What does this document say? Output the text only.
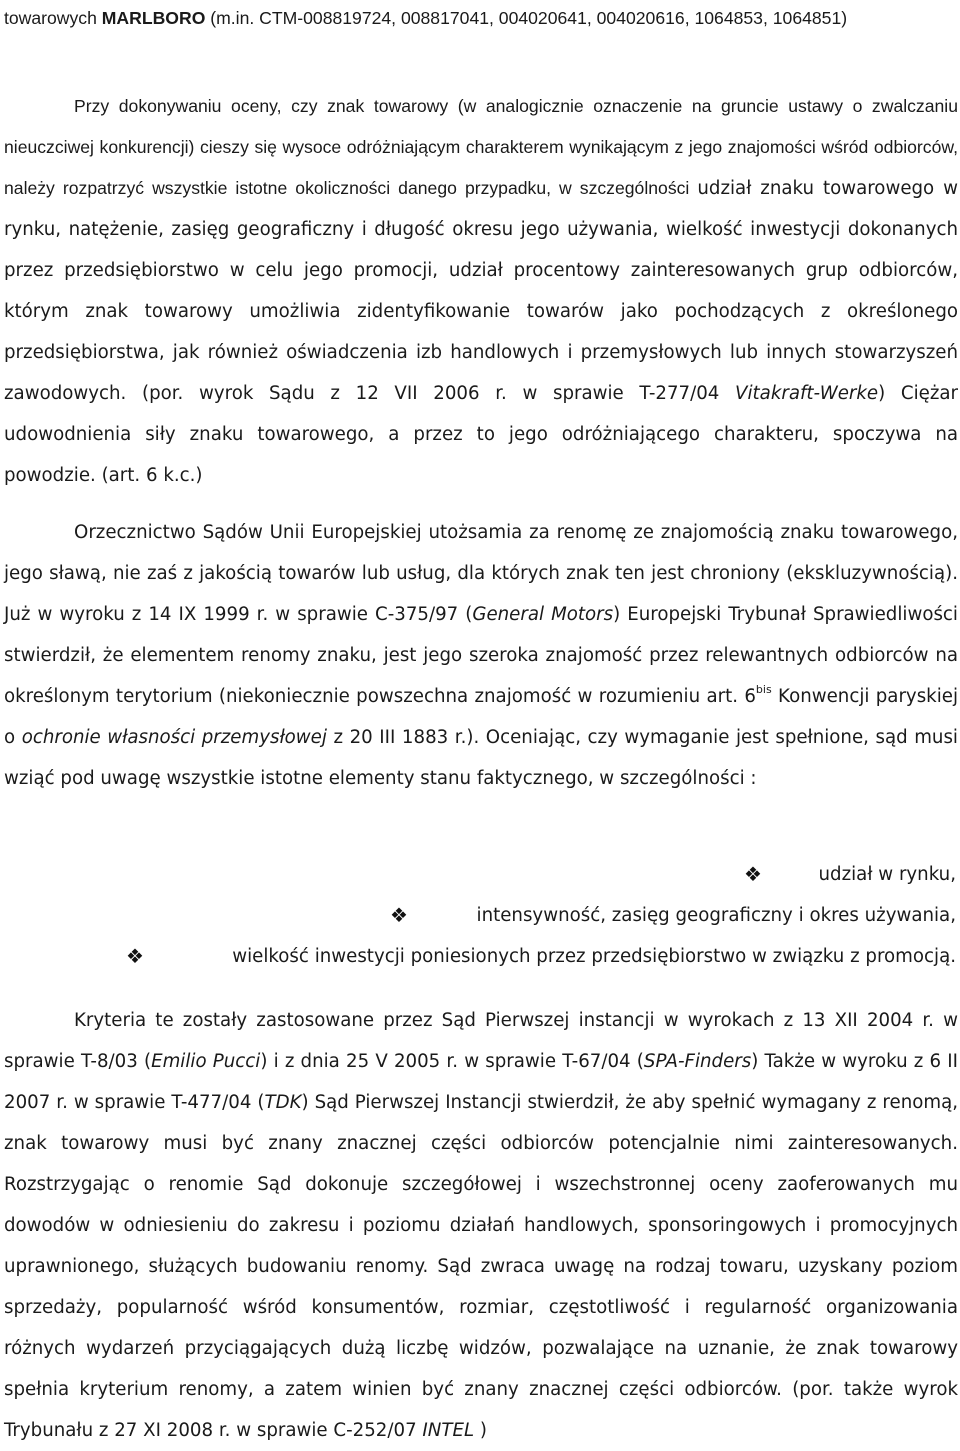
towarowych MARLBORO (m.in. CTM-008819724, 008817041, 004020641, 004020616, 1064853, 1064851)

Przy dokonywaniu oceny, czy znak towarowy (w analogicznie oznaczenie na gruncie ustawy o zwalczaniu nieuczciwej konkurencji) cieszy się wysoce odróżniającym charakterem wynikającym z jego znajomości wśród odbiorców, należy rozpatrzyć wszystkie istotne okoliczności danego przypadku, w szczególności udział znaku towarowego w rynku, natężenie, zasięg geograficzny i długość okresu jego używania, wielkość inwestycji dokonanych przez przedsiębiorstwo w celu jego promocji, udział procentowy zainteresowanych grup odbiorców, którym znak towarowy umożliwia zidentyfikowanie towarów jako pochodzących z określonego przedsiębiorstwa, jak również oświadczenia izb handlowych i przemysłowych lub innych stowarzyszeń zawodowych. (por. wyrok Sądu z 12 VII 2006 r. w sprawie T-277/04 Vitakraft-Werke) Ciężar udowodnienia siły znaku towarowego, a przez to jego odróżniającego charakteru, spoczywa na powodzie. (art. 6 k.c.)

Orzecznictwo Sądów Unii Europejskiej utożsamia za renomę ze znajomością znaku towarowego, jego sławą, nie zaś z jakością towarów lub usług, dla których znak ten jest chroniony (ekskluzywnością). Już w wyroku z 14 IX 1999 r. w sprawie C-375/97 (General Motors) Europejski Trybunał Sprawiedliwości stwierdził, że elementem renomy znaku, jest jego szeroka znajomość przez relewantnych odbiorców na określonym terytorium (niekoniecznie powszechna znajomość w rozumieniu art. $6^{bis}$ Konwencji paryskiej o ochronie własności przemysłowej z 20 III 1883 r.). Oceniając, czy wymaganie jest spełnione, sąd musi wziąć pod uwagę wszystkie istotne elementy stanu faktycznego, w szczególności :

❖	udział w rynku,
❖	intensywność, zasięg geograficzny i okres używania,
❖	wielkość inwestycji poniesionych przez przedsiębiorstwo w związku z promocją.

Kryteria te zostały zastosowane przez Sąd Pierwszej instancji w wyrokach z 13 XII 2004 r. w sprawie T-8/03 (Emilio Pucci) i z dnia 25 V 2005 r. w sprawie T-67/04 (SPA-Finders) Także w wyroku z 6 II 2007 r. w sprawie T-477/04 (TDK) Sąd Pierwszej Instancji stwierdził, że aby spełnić wymagany z renomą, znak towarowy musi być znany znacznej części odbiorców potencjalnie nimi zainteresowanych. Rozstrzygając o renomie Sąd dokonuje szczegółowej i wszechstronnej oceny zaoferowanych mu dowodów w odniesieniu do zakresu i poziomu działań handlowych, sponsoringowych i promocyjnych uprawnionego, służących budowaniu renomy. Sąd zwraca uwagę na rodzaj towaru, uzyskany poziom sprzedaży, popularność wśród konsumentów, rozmiar, częstotliwość i regularność organizowania różnych wydarzeń przyciągających dużą liczbę widzów, pozwalające na uznanie, że znak towarowy spełnia kryterium renomy, a zatem winien być znany znacznej części odbiorców. (por. także wyrok Trybunału z 27 XI 2008 r. w sprawie C-252/07 INTEL )
